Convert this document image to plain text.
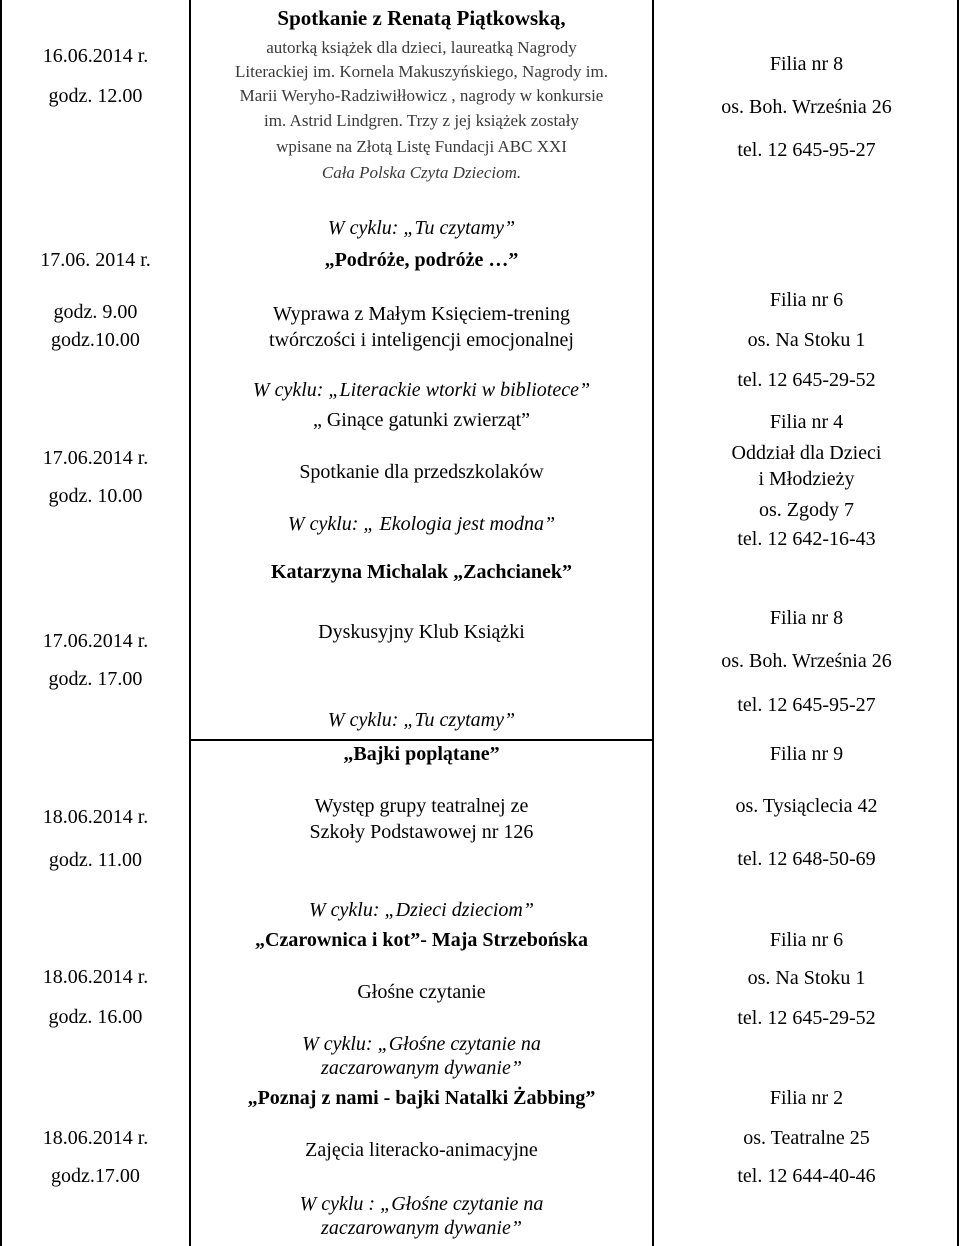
16.06.2014 r.
godz. 12.00
Spotkanie z Renatą Piątkowską,
autorką książek dla dzieci, laureatką Nagrody
Literackiej im. Kornela Makuszyńskiego, Nagrody im.
Marii Weryho-Radziwiłłowicz , nagrody w konkursie
im. Astrid Lindgren. Trzy z jej książek zostały
wpisane na Złotą Listę Fundacji ABC XXI
Cała Polska Czyta Dzieciom.
Filia nr 8
os. Boh. Września 26
tel. 12 645-95-27
17.06. 2014 r.
godz. 9.00
godz.10.00
W cyklu: „Tu czytamy”
„Podróże, podróże …”
Wyprawa z Małym Księciem-trening
twórczości i inteligencji emocjonalnej
Filia nr 6
os. Na Stoku 1
tel. 12 645-29-52
17.06.2014 r.
godz. 10.00
W cyklu: „Literackie wtorki w bibliotece”
„ Ginące gatunki zwierząt”
Spotkanie dla przedszkolaków
Filia nr 4
Oddział dla Dzieci
i Młodzieży
os. Zgody 7
tel. 12 642-16-43
17.06.2014 r.
godz. 17.00
W cyklu: „ Ekologia jest modna”
Katarzyna Michalak „Zachcianek”
Dyskusyjny Klub Książki
Filia nr 8
os. Boh. Września 26
tel. 12 645-95-27
18.06.2014 r.
godz. 11.00
W cyklu: „Tu czytamy”
„Bajki poplątane”
Występ grupy teatralnej ze
Szkoły Podstawowej nr 126
Filia nr 9
os. Tysiąclecia 42
tel. 12 648-50-69
18.06.2014 r.
godz. 16.00
W cyklu: „Dzieci dzieciom”
„Czarownica i kot”- Maja Strzebońska
Głośne czytanie
Filia nr 6
os. Na Stoku 1
tel. 12 645-29-52
18.06.2014 r.
godz.17.00
W cyklu: „Głośne czytanie na
zaczarowanym dywanie”
„Poznaj z nami - bajki Natalki Żabbing”
Zajęcia literacko-animacyjne
Filia nr 2
os. Teatralne 25
tel. 12 644-40-46
W cyklu : „Głośne czytanie na
zaczarowanym dywanie”
